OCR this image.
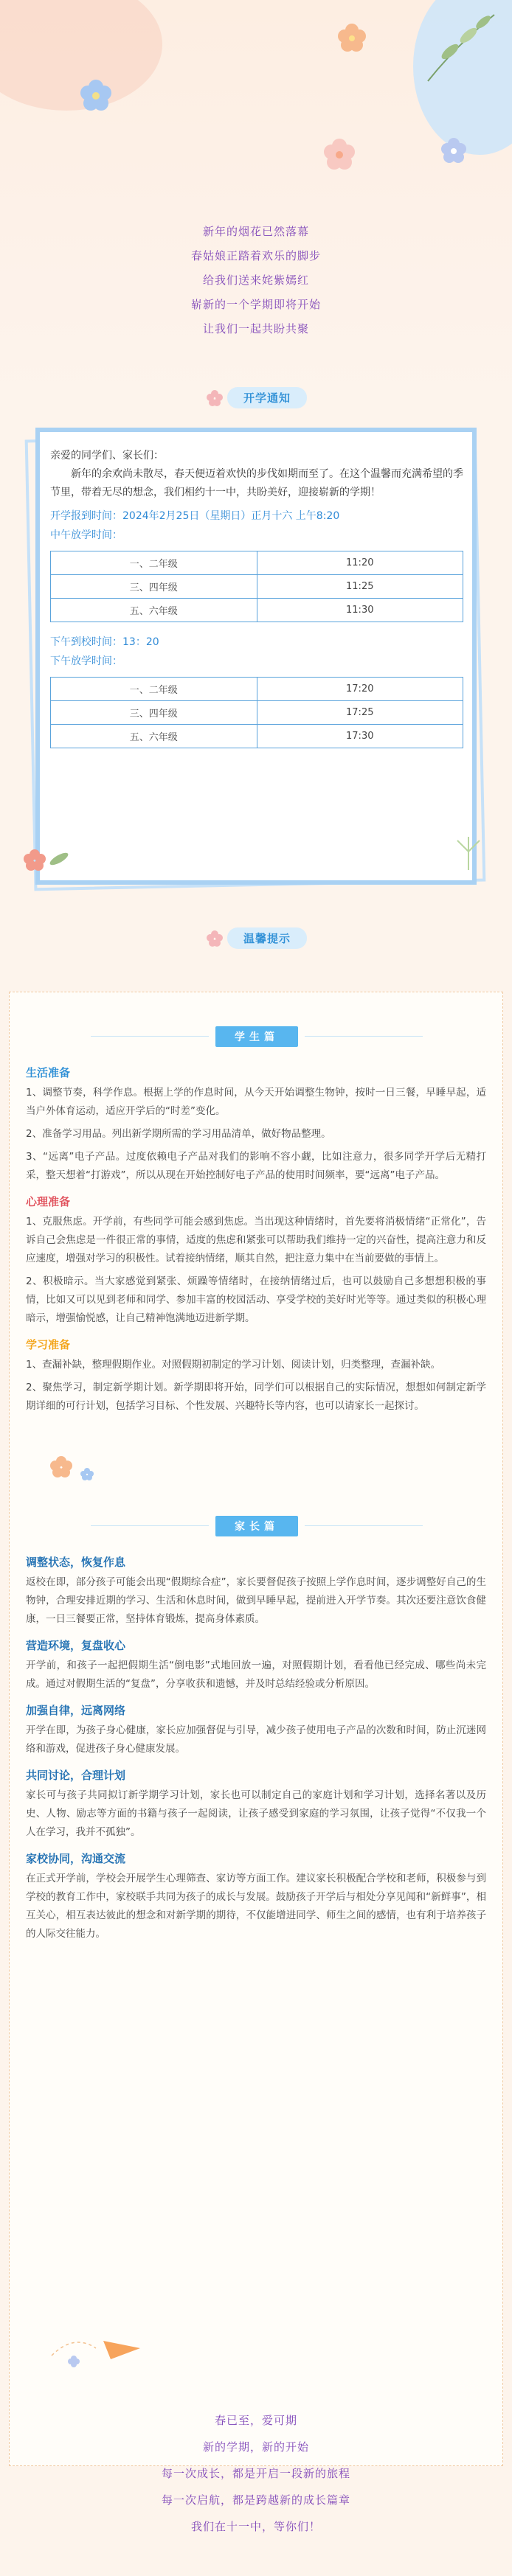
新年的烟花已然落幕
春姑娘正踏着欢乐的脚步
给我们送来姹紫嫣红
崭新的一个学期即将开始
让我们一起共盼共聚
开学通知
亲爱的同学们、家长们：
新年的余欢尚未散尽，春天便迈着欢快的步伐如期而至了。在这个温馨而充满希望的季节里，带着无尽的想念，我们相约十一中，共盼美好，迎接崭新的学期！
开学报到时间：2024年2月25日（星期日）正月十六 上午8:20
中午放学时间：
一、二年级	11:20
三、四年级	11:25
五、六年级	11:30
下午到校时间：13：20
下午放学时间：
一、二年级	17:20
三、四年级	17:25
五、六年级	17:30
温馨提示
学生篇
生活准备
1、调整节奏，科学作息。根据上学的作息时间，从今天开始调整生物钟，按时一日三餐，早睡早起，适当户外体育运动，适应开学后的“时差”变化。
2、准备学习用品。列出新学期所需的学习用品清单，做好物品整理。
3、“远离”电子产品。过度依赖电子产品对我们的影响不容小觑，比如注意力，很多同学开学后无精打采，整天想着“打游戏”，所以从现在开始控制好电子产品的使用时间频率，要“远离”电子产品。
心理准备
1、克服焦虑。开学前，有些同学可能会感到焦虑。当出现这种情绪时，首先要将消极情绪“正常化”，告诉自己会焦虑是一件很正常的事情，适度的焦虑和紧张可以帮助我们维持一定的兴奋性，提高注意力和反应速度，增强对学习的积极性。试着接纳情绪，顺其自然，把注意力集中在当前要做的事情上。
2、积极暗示。当大家感觉到紧张、烦躁等情绪时，在接纳情绪过后，也可以鼓励自己多想想积极的事情，比如又可以见到老师和同学、参加丰富的校园活动、享受学校的美好时光等等。通过类似的积极心理暗示，增强愉悦感，让自己精神饱满地迈进新学期。
学习准备
1、查漏补缺，整理假期作业。对照假期初制定的学习计划、阅读计划，归类整理，查漏补缺。
2、聚焦学习，制定新学期计划。新学期即将开始，同学们可以根据自己的实际情况，想想如何制定新学期详细的可行计划，包括学习目标、个性发展、兴趣特长等内容，也可以请家长一起探讨。
家长篇
调整状态，恢复作息
返校在即，部分孩子可能会出现“假期综合症”，家长要督促孩子按照上学作息时间，逐步调整好自己的生物钟，合理安排近期的学习、生活和休息时间，做到早睡早起，提前进入开学节奏。其次还要注意饮食健康，一日三餐要正常，坚持体育锻炼，提高身体素质。
营造环境，复盘收心
开学前，和孩子一起把假期生活“倒电影”式地回放一遍，对照假期计划，看看他已经完成、哪些尚未完成。通过对假期生活的“复盘”，分享收获和遗憾，并及时总结经验或分析原因。
加强自律，远离网络
开学在即，为孩子身心健康，家长应加强督促与引导，减少孩子使用电子产品的次数和时间，防止沉迷网络和游戏，促进孩子身心健康发展。
共同讨论，合理计划
家长可与孩子共同拟订新学期学习计划，家长也可以制定自己的家庭计划和学习计划，选择名著以及历史、人物、励志等方面的书籍与孩子一起阅读，让孩子感受到家庭的学习氛围，让孩子觉得“不仅我一个人在学习，我并不孤独”。
家校协同，沟通交流
在正式开学前，学校会开展学生心理筛查、家访等方面工作。建议家长积极配合学校和老师，积极参与到学校的教育工作中，家校联手共同为孩子的成长与发展。鼓励孩子开学后与相处分享见闻和“新鲜事”，相互关心，相互表达彼此的想念和对新学期的期待，不仅能增进同学、师生之间的感情，也有利于培养孩子的人际交往能力。
春已至，爱可期
新的学期，新的开始
每一次成长，都是开启一段新的旅程
每一次启航，都是跨越新的成长篇章
我们在十一中，等你们！
